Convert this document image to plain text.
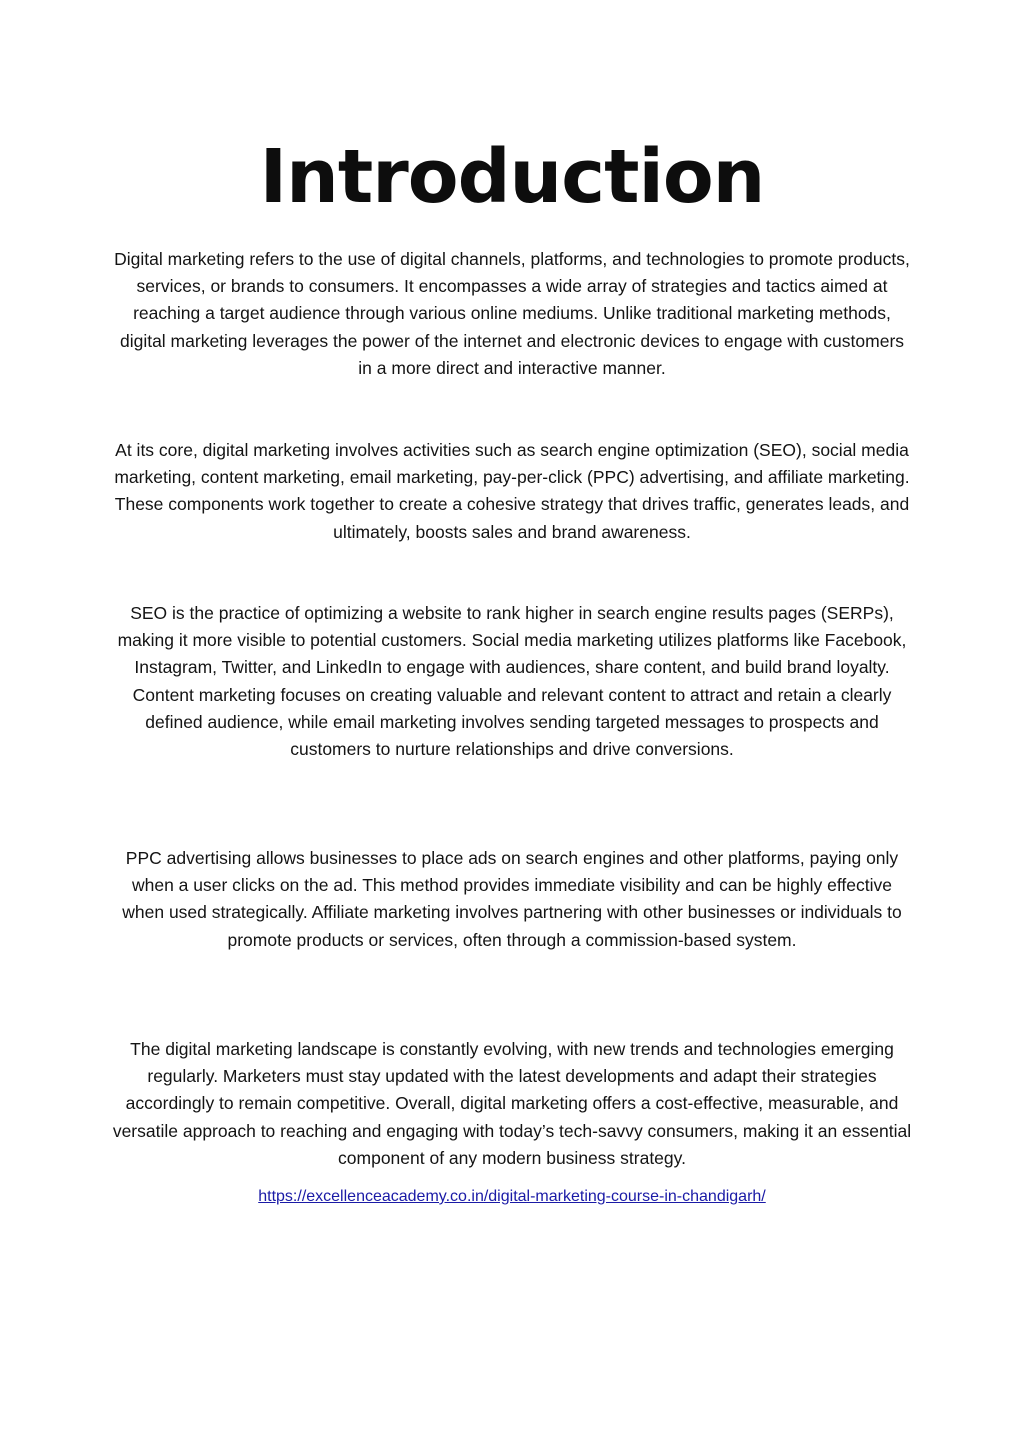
Introduction

Digital marketing refers to the use of digital channels, platforms, and technologies to promote products, services, or brands to consumers. It encompasses a wide array of strategies and tactics aimed at reaching a target audience through various online mediums. Unlike traditional marketing methods, digital marketing leverages the power of the internet and electronic devices to engage with customers in a more direct and interactive manner.

At its core, digital marketing involves activities such as search engine optimization (SEO), social media marketing, content marketing, email marketing, pay-per-click (PPC) advertising, and affiliate marketing. These components work together to create a cohesive strategy that drives traffic, generates leads, and ultimately, boosts sales and brand awareness.

SEO is the practice of optimizing a website to rank higher in search engine results pages (SERPs), making it more visible to potential customers. Social media marketing utilizes platforms like Facebook, Instagram, Twitter, and LinkedIn to engage with audiences, share content, and build brand loyalty. Content marketing focuses on creating valuable and relevant content to attract and retain a clearly defined audience, while email marketing involves sending targeted messages to prospects and customers to nurture relationships and drive conversions.

PPC advertising allows businesses to place ads on search engines and other platforms, paying only when a user clicks on the ad. This method provides immediate visibility and can be highly effective when used strategically. Affiliate marketing involves partnering with other businesses or individuals to promote products or services, often through a commission-based system.

The digital marketing landscape is constantly evolving, with new trends and technologies emerging regularly. Marketers must stay updated with the latest developments and adapt their strategies accordingly to remain competitive. Overall, digital marketing offers a cost-effective, measurable, and versatile approach to reaching and engaging with today’s tech-savvy consumers, making it an essential component of any modern business strategy.

https://excellenceacademy.co.in/digital-marketing-course-in-chandigarh/
